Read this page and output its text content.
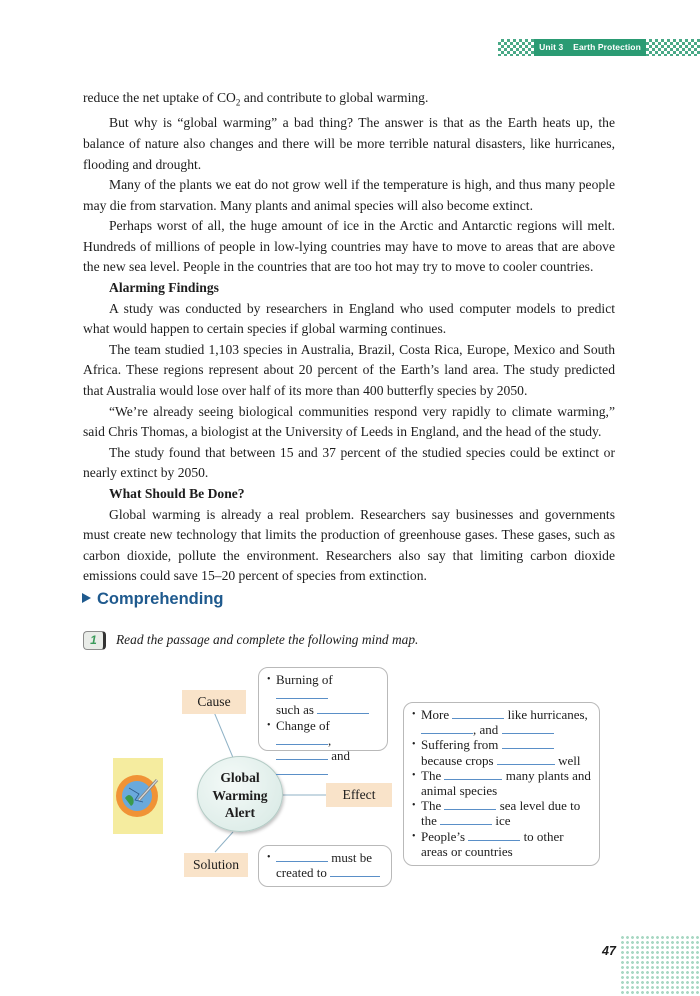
Unit 3 Earth Protection

reduce the net uptake of $CO_2$ and contribute to global warming.

But why is “global warming” a bad thing? The answer is that as the Earth heats up, the balance of nature also changes and there will be more terrible natural disasters, like hurricanes, flooding and drought.

Many of the plants we eat do not grow well if the temperature is high, and thus many people may die from starvation. Many plants and animal species will also become extinct.

Perhaps worst of all, the huge amount of ice in the Arctic and Antarctic regions will melt. Hundreds of millions of people in low-lying countries may have to move to areas that are above the new sea level. People in the countries that are too hot may try to move to cooler countries.

Alarming Findings

A study was conducted by researchers in England who used computer models to predict what would happen to certain species if global warming continues.

The team studied 1,103 species in Australia, Brazil, Costa Rica, Europe, Mexico and South Africa. These regions represent about 20 percent of the Earth’s land area. The study predicted that Australia would lose over half of its more than 400 butterfly species by 2050.

“We’re already seeing biological communities respond very rapidly to climate warming,” said Chris Thomas, a biologist at the University of Leeds in England, and the head of the study.

The study found that between 15 and 37 percent of the studied species could be extinct or nearly extinct by 2050.

What Should Be Done?

Global warming is already a real problem. Researchers say businesses and governments must create new technology that limits the production of greenhouse gases. These gases, such as carbon dioxide, pollute the environment. Researchers also say that limiting carbon dioxide emissions could save 15–20 percent of species from extinction.

Comprehending
1	Read the passage and complete the following mind map.
Global
Warming
Alert
Cause
• Burning of
such as
• Change of ,
and

Effect
• More	like hurricanes,
, and
• Suffering from
because crops	well
• The	many plants and
animal species
• The	sea level due to
the	ice
• People’s	to other
areas or countries
Solution	• must be
created to
47
